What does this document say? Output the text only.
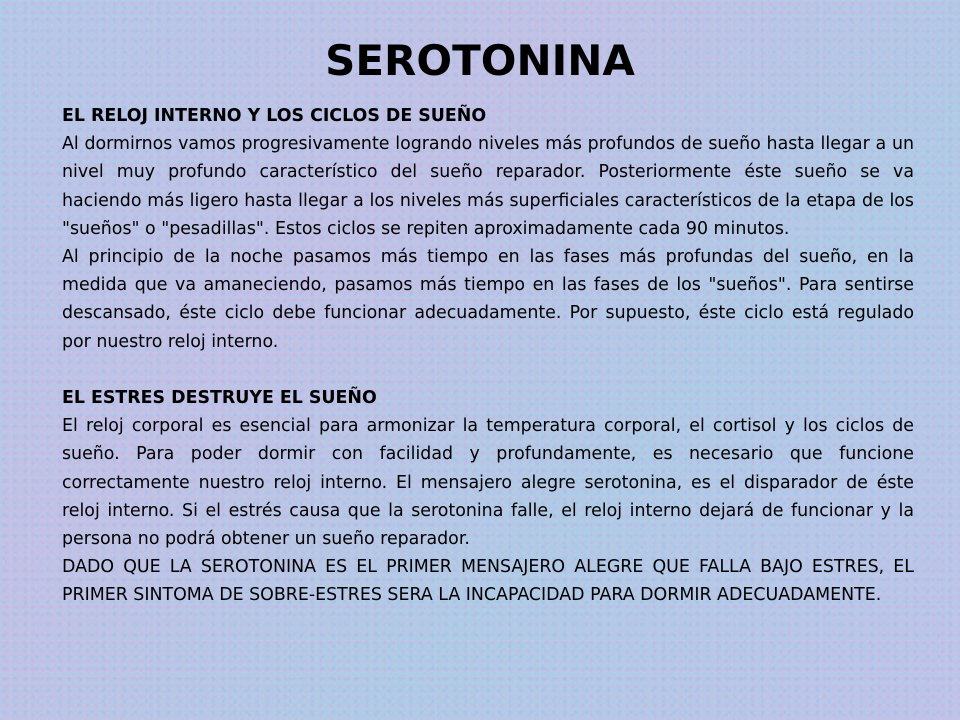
SEROTONINA

EL RELOJ INTERNO Y LOS CICLOS DE SUEÑO

Al dormirnos vamos progresivamente logrando niveles más profundos de sueño hasta llegar a un nivel muy profundo característico del sueño reparador. Posteriormente éste sueño se va haciendo más ligero hasta llegar a los niveles más superficiales característicos de la etapa de los "sueños" o "pesadillas". Estos ciclos se repiten aproximadamente cada 90 minutos.

Al principio de la noche pasamos más tiempo en las fases más profundas del sueño, en la medida que va amaneciendo, pasamos más tiempo en las fases de los "sueños". Para sentirse descansado, éste ciclo debe funcionar adecuadamente. Por supuesto, éste ciclo está regulado por nuestro reloj interno.

EL ESTRES DESTRUYE EL SUEÑO

El reloj corporal es esencial para armonizar la temperatura corporal, el cortisol y los ciclos de sueño. Para poder dormir con facilidad y profundamente, es necesario que funcione correctamente nuestro reloj interno. El mensajero alegre serotonina, es el disparador de éste reloj interno. Si el estrés causa que la serotonina falle, el reloj interno dejará de funcionar y la persona no podrá obtener un sueño reparador.

DADO QUE LA SEROTONINA ES EL PRIMER MENSAJERO ALEGRE QUE FALLA BAJO ESTRES, EL PRIMER SINTOMA DE SOBRE-ESTRES SERA LA INCAPACIDAD PARA DORMIR ADECUADAMENTE.
